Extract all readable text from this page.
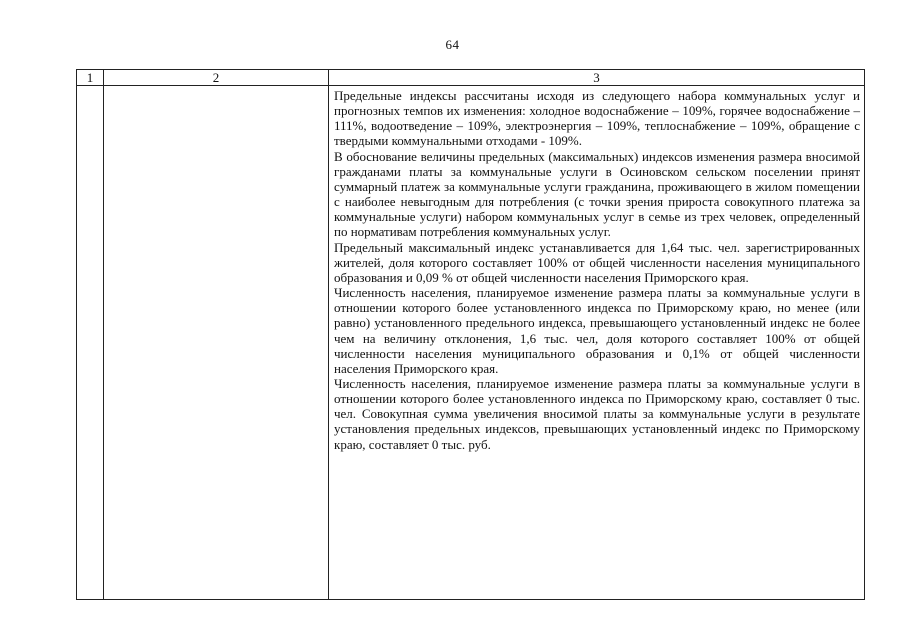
64
1	2	3

		Предельные индексы рассчитаны исходя из следующего набора коммунальных услуг и прогнозных темпов их изменения: холодное водоснабжение – 109%, горячее водоснабжение – 111%, водоотведение – 109%, электроэнергия – 109%, теплоснабжение – 109%, обращение с твердыми коммунальными отходами - 109%.

В обоснование величины предельных (максимальных) индексов изменения размера вносимой гражданами платы за коммунальные услуги в Осиновском сельском поселении принят суммарный платеж за коммунальные услуги гражданина, проживающего в жилом помещении с наиболее невыгодным для потребления (с точки зрения прироста совокупного платежа за коммунальные услуги) набором коммунальных услуг в семье из трех человек, определенный по нормативам потребления коммунальных услуг.

Предельный максимальный индекс устанавливается для 1,64 тыс. чел. зарегистрированных жителей, доля которого составляет 100% от общей численности населения муниципального образования и 0,09 % от общей численности населения Приморского края.

Численность населения, планируемое изменение размера платы за коммунальные услуги в отношении которого более установленного индекса по Приморскому краю, но менее (или равно) установленного предельного индекса, превышающего установленный индекс не более чем на величину отклонения, 1,6 тыс. чел, доля которого составляет 100% от общей численности населения муниципального образования и 0,1% от общей численности населения Приморского края.

Численность населения, планируемое изменение размера платы за коммунальные услуги в отношении которого более установленного индекса по Приморскому краю, составляет 0 тыс. чел. Совокупная сумма увеличения вносимой платы за коммунальные услуги в результате установления предельных индексов, превышающих установленный индекс по Приморскому краю, составляет 0 тыс. руб.
